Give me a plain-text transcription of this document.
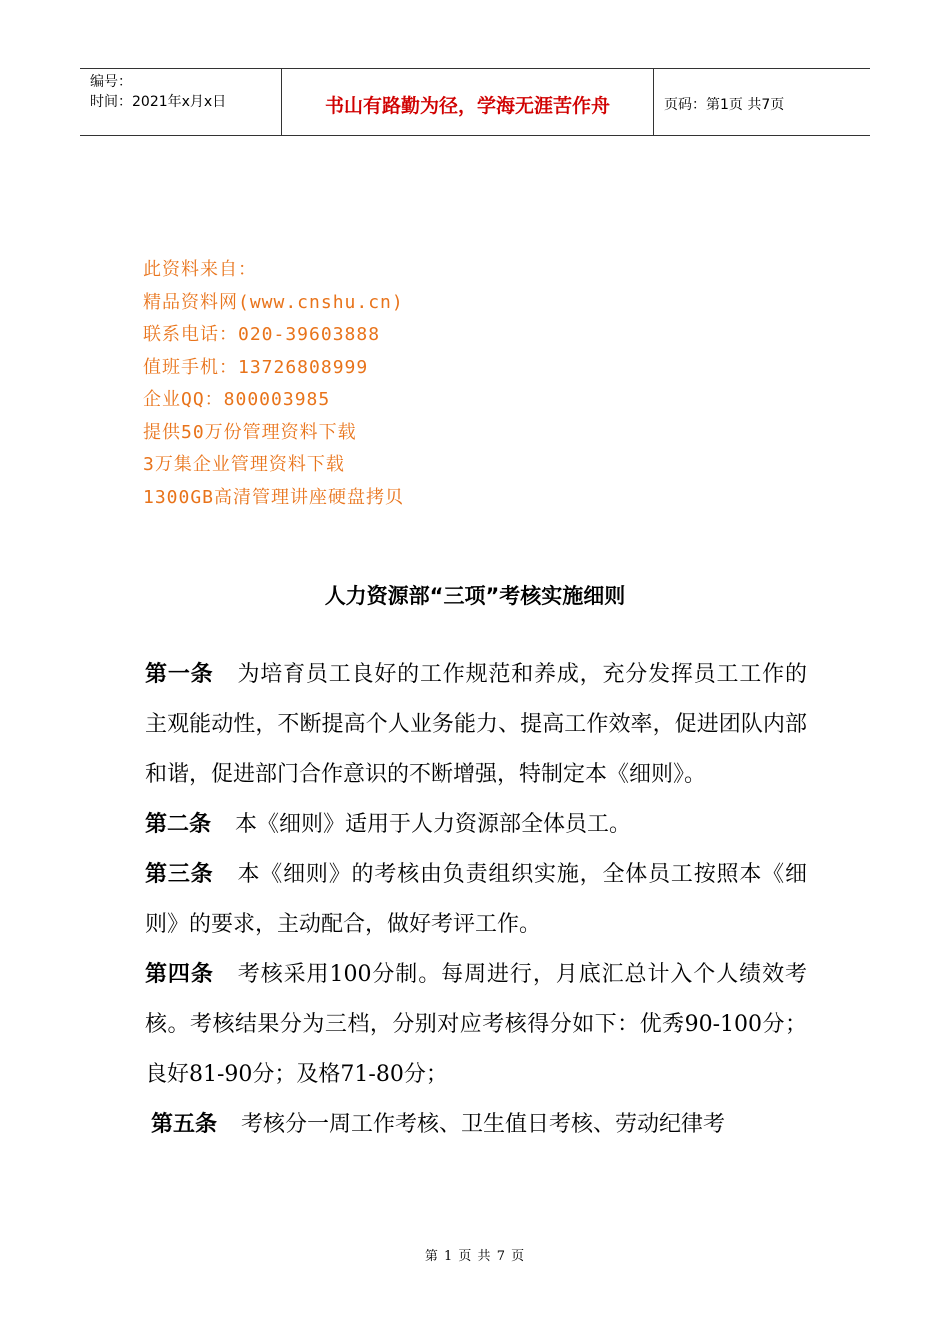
编号：
时间：2021年x月x日	书山有路勤为径，学海无涯苦作舟	页码：第1页 共7页
此资料来自：
精品资料网(www.cnshu.cn)
联系电话：020-39603888
值班手机：13726808999
企业QQ：800003985
提供50万份管理资料下载
3万集企业管理资料下载
1300GB高清管理讲座硬盘拷贝
人力资源部“三项”考核实施细则

第一条 为培育员工良好的工作规范和养成，充分发挥员工工作的主观能动性，不断提高个人业务能力、提高工作效率，促进团队内部和谐，促进部门合作意识的不断增强，特制定本《细则》。

第二条 本《细则》适用于人力资源部全体员工。

第三条 本《细则》的考核由负责组织实施，全体员工按照本《细则》的要求，主动配合，做好考评工作。

第四条 考核采用100分制。每周进行，月底汇总计入个人绩效考核。考核结果分为三档，分别对应考核得分如下：优秀90-100分；良好81-90分；及格71-80分；

第五条 考核分一周工作考核、卫生值日考核、劳动纪律考

第 1 页 共 7 页
